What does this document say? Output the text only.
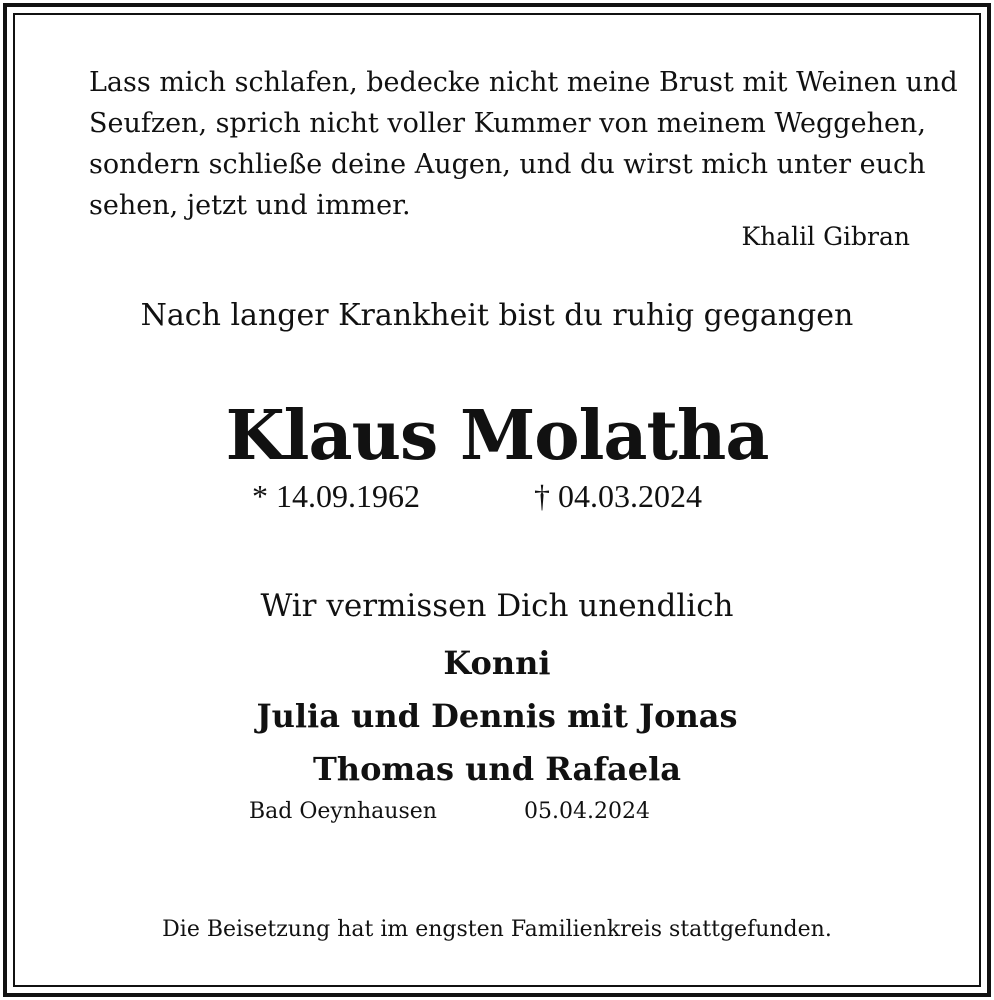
Lass mich schlafen, bedecke nicht meine Brust mit Weinen und
Seufzen, sprich nicht voller Kummer von meinem Weggehen,
sondern schließe deine Augen, und du wirst mich unter euch
sehen, jetzt und immer.

Khalil Gibran
Nach langer Krankheit bist du ruhig gegangen
Klaus Molatha
* 14.09.1962	† 04.03.2024
Wir vermissen Dich unendlich
Konni
Julia und Dennis mit Jonas
Thomas und Rafaela
Bad Oeynhausen	05.04.2024
Die Beisetzung hat im engsten Familienkreis stattgefunden.
